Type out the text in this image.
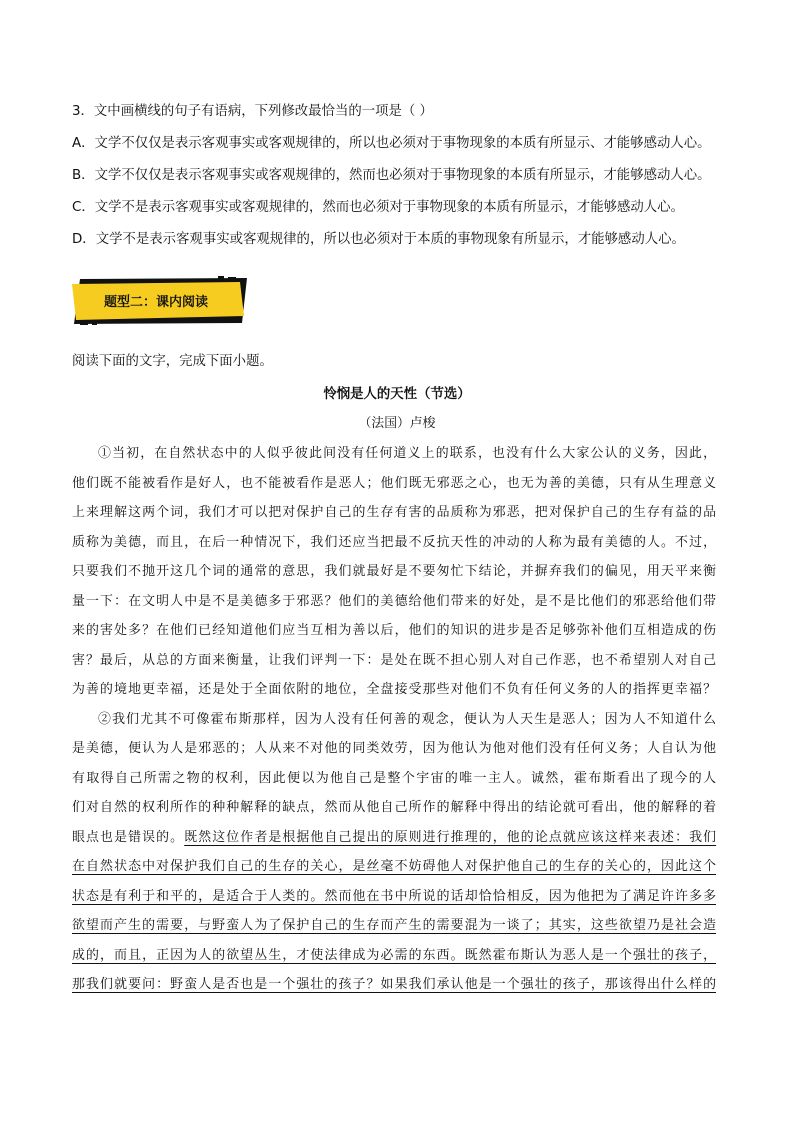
3．文中画横线的句子有语病，下列修改最恰当的一项是（ ）
A．文学不仅仅是表示客观事实或客观规律的，所以也必须对于事物现象的本质有所显示、才能够感动人心。
B．文学不仅仅是表示客观事实或客观规律的，然而也必须对于事物现象的本质有所显示，才能够感动人心。
C．文学不是表示客观事实或客观规律的，然而也必须对于事物现象的本质有所显示，才能够感动人心。
D．文学不是表示客观事实或客观规律的，所以也必须对于本质的事物现象有所显示，才能够感动人心。
题型二：课内阅读
阅读下面的文字，完成下面小题。
怜悯是人的天性（节选）
（法国）卢梭
①当初，在自然状态中的人似乎彼此间没有任何道义上的联系，也没有什么大家公认的义务，因此，
他们既不能被看作是好人，也不能被看作是恶人；他们既无邪恶之心，也无为善的美德，只有从生理意义
上来理解这两个词，我们才可以把对保护自己的生存有害的品质称为邪恶，把对保护自己的生存有益的品
质称为美德，而且，在后一种情况下，我们还应当把最不反抗天性的冲动的人称为最有美德的人。不过，
只要我们不抛开这几个词的通常的意思，我们就最好是不要匆忙下结论，并摒弃我们的偏见，用天平来衡
量一下：在文明人中是不是美德多于邪恶？他们的美德给他们带来的好处，是不是比他们的邪恶给他们带
来的害处多？在他们已经知道他们应当互相为善以后，他们的知识的进步是否足够弥补他们互相造成的伤
害？最后，从总的方面来衡量，让我们评判一下：是处在既不担心别人对自己作恶，也不希望别人对自己
为善的境地更幸福，还是处于全面依附的地位，全盘接受那些对他们不负有任何义务的人的指挥更幸福？
②我们尤其不可像霍布斯那样，因为人没有任何善的观念，便认为人天生是恶人；因为人不知道什么
是美德，便认为人是邪恶的；人从来不对他的同类效劳，因为他认为他对他们没有任何义务；人自认为他
有取得自己所需之物的权利，因此便以为他自己是整个宇宙的唯一主人。诚然，霍布斯看出了现今的人
们对自然的权利所作的种种解释的缺点，然而从他自己所作的解释中得出的结论就可看出，他的解释的着
眼点也是错误的。既然这位作者是根据他自己提出的原则进行推理的，他的论点就应该这样来表述：我们
在自然状态中对保护我们自己的生存的关心，是丝毫不妨碍他人对保护他自己的生存的关心的，因此这个
状态是有利于和平的，是适合于人类的。然而他在书中所说的话却恰恰相反，因为他把为了满足许许多多
欲望而产生的需要，与野蛮人为了保护自己的生存而产生的需要混为一谈了；其实，这些欲望乃是社会造
成的，而且，正因为人的欲望丛生，才使法律成为必需的东西。既然霍布斯认为恶人是一个强壮的孩子，
那我们就要问：野蛮人是否也是一个强壮的孩子？如果我们承认他是一个强壮的孩子，那该得出什么样的
